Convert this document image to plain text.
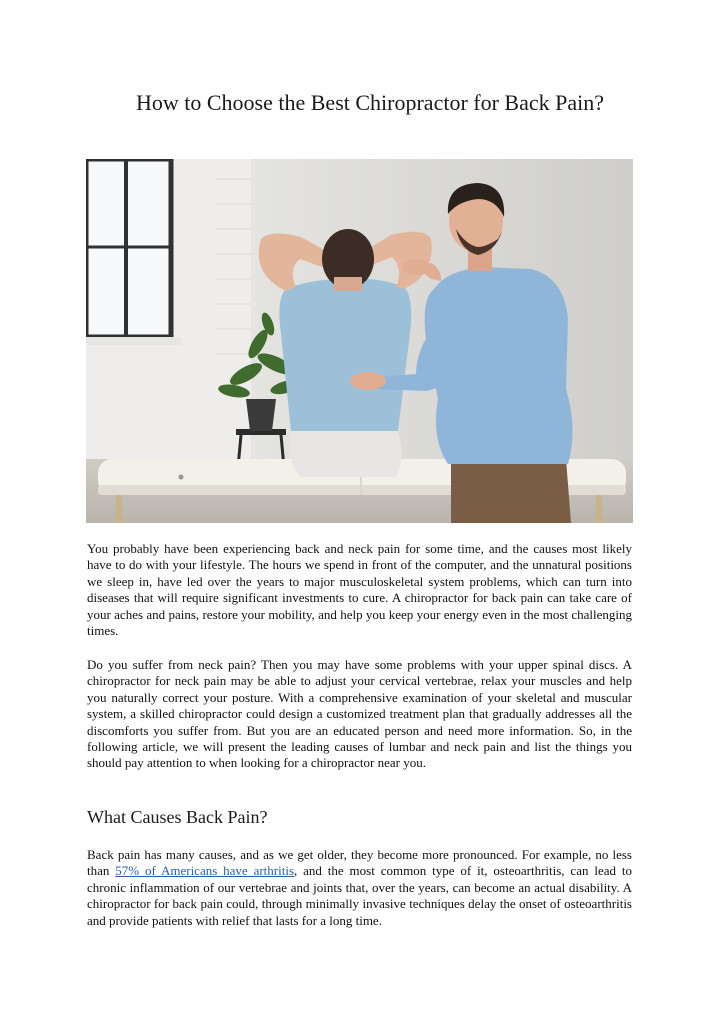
How to Choose the Best Chiropractor for Back Pain?

You probably have been experiencing back and neck pain for some time, and the causes most likely have to do with your lifestyle. The hours we spend in front of the computer, and the unnatural positions we sleep in, have led over the years to major musculoskeletal system problems, which can turn into diseases that will require significant investments to cure. A chiropractor for back pain can take care of your aches and pains, restore your mobility, and help you keep your energy even in the most challenging times.

Do you suffer from neck pain? Then you may have some problems with your upper spinal discs. A chiropractor for neck pain may be able to adjust your cervical vertebrae, relax your muscles and help you naturally correct your posture. With a comprehensive examination of your skeletal and muscular system, a skilled chiropractor could design a customized treatment plan that gradually addresses all the discomforts you suffer from. But you are an educated person and need more information. So, in the following article, we will present the leading causes of lumbar and neck pain and list the things you should pay attention to when looking for a chiropractor near you.

What Causes Back Pain?

Back pain has many causes, and as we get older, they become more pronounced. For example, no less than 57% of Americans have arthritis, and the most common type of it, osteoarthritis, can lead to chronic inflammation of our vertebrae and joints that, over the years, can become an actual disability. A chiropractor for back pain could, through minimally invasive techniques delay the onset of osteoarthritis and provide patients with relief that lasts for a long time.
